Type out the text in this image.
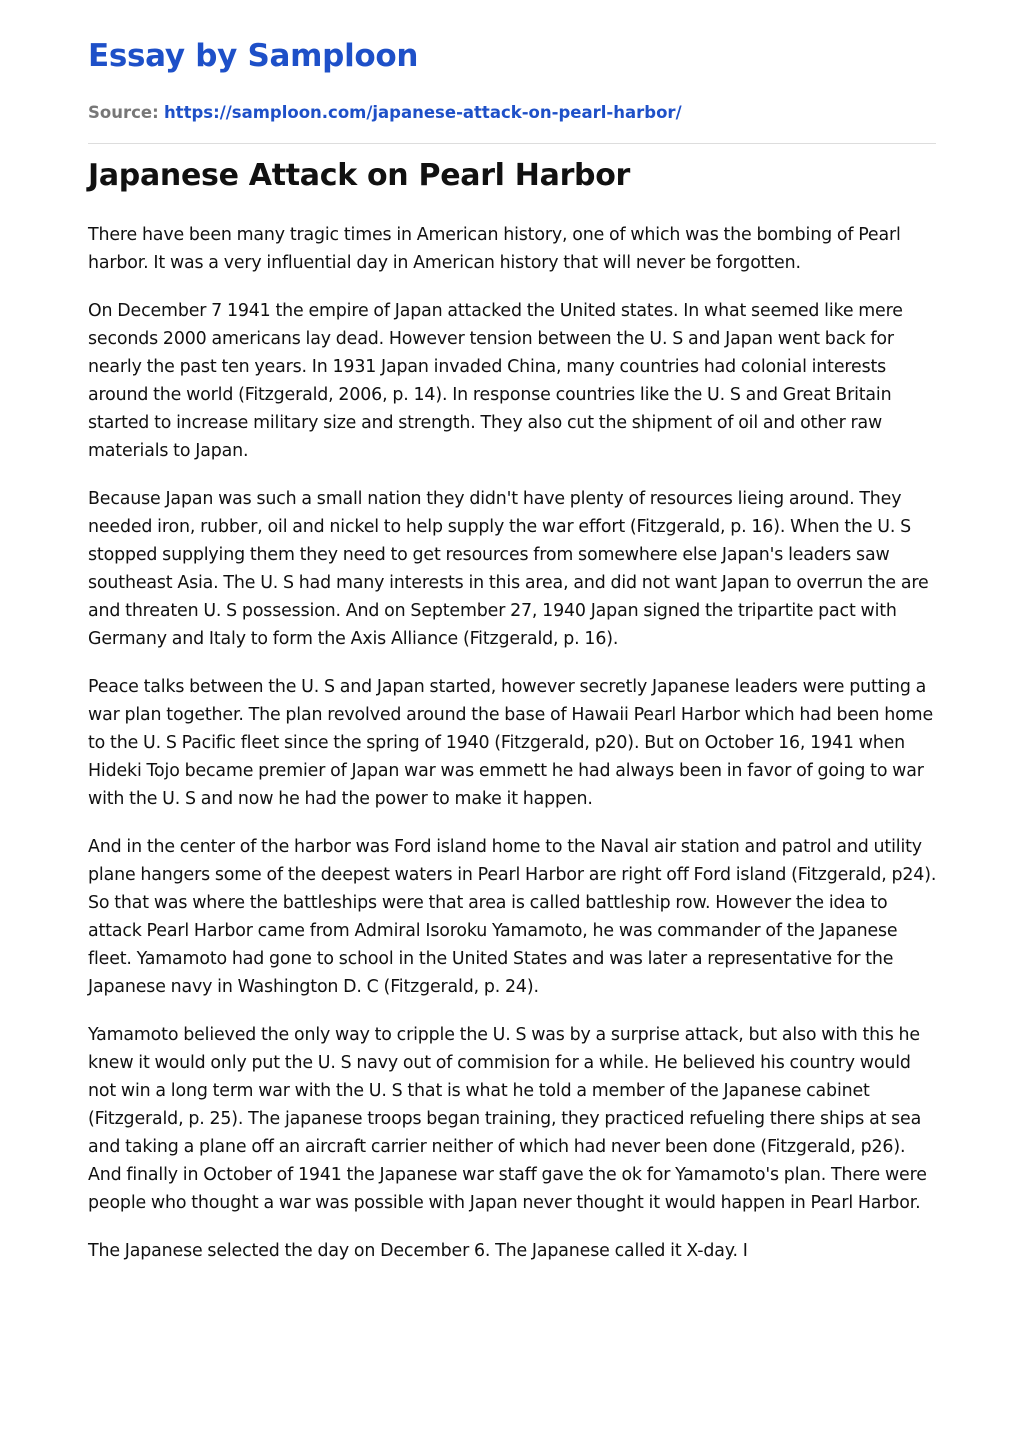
Essay by Samploon
Source: https://samploon.com/japanese-attack-on-pearl-harbor/
Japanese Attack on Pearl Harbor

There have been many tragic times in American history, one of which was the bombing of Pearl harbor. It was a very influential day in American history that will never be forgotten.

On December 7 1941 the empire of Japan attacked the United states. In what seemed like mere seconds 2000 americans lay dead. However tension between the U. S and Japan went back for nearly the past ten years. In 1931 Japan invaded China, many countries had colonial interests around the world (Fitzgerald, 2006, p. 14). In response countries like the U. S and Great Britain started to increase military size and strength. They also cut the shipment of oil and other raw materials to Japan.

Because Japan was such a small nation they didn't have plenty of resources lieing around. They needed iron, rubber, oil and nickel to help supply the war effort (Fitzgerald, p. 16). When the U. S stopped supplying them they need to get resources from somewhere else Japan's leaders saw southeast Asia. The U. S had many interests in this area, and did not want Japan to overrun the are and threaten U. S possession. And on September 27, 1940 Japan signed the tripartite pact with Germany and Italy to form the Axis Alliance (Fitzgerald, p. 16).

Peace talks between the U. S and Japan started, however secretly Japanese leaders were putting a war plan together. The plan revolved around the base of Hawaii Pearl Harbor which had been home to the U. S Pacific fleet since the spring of 1940 (Fitzgerald, p20). But on October 16, 1941 when Hideki Tojo became premier of Japan war was emmett he had always been in favor of going to war with the U. S and now he had the power to make it happen.

And in the center of the harbor was Ford island home to the Naval air station and patrol and utility plane hangers some of the deepest waters in Pearl Harbor are right off Ford island (Fitzgerald, p24). So that was where the battleships were that area is called battleship row. However the idea to attack Pearl Harbor came from Admiral Isoroku Yamamoto, he was commander of the Japanese fleet. Yamamoto had gone to school in the United States and was later a representative for the Japanese navy in Washington D. C (Fitzgerald, p. 24).

Yamamoto believed the only way to cripple the U. S was by a surprise attack, but also with this he knew it would only put the U. S navy out of commision for a while. He believed his country would not win a long term war with the U. S that is what he told a member of the Japanese cabinet (Fitzgerald, p. 25). The japanese troops began training, they practiced refueling there ships at sea and taking a plane off an aircraft carrier neither of which had never been done (Fitzgerald, p26). And finally in October of 1941 the Japanese war staff gave the ok for Yamamoto's plan. There were people who thought a war was possible with Japan never thought it would happen in Pearl Harbor.

The Japanese selected the day on December 6. The Japanese called it X-day. I
